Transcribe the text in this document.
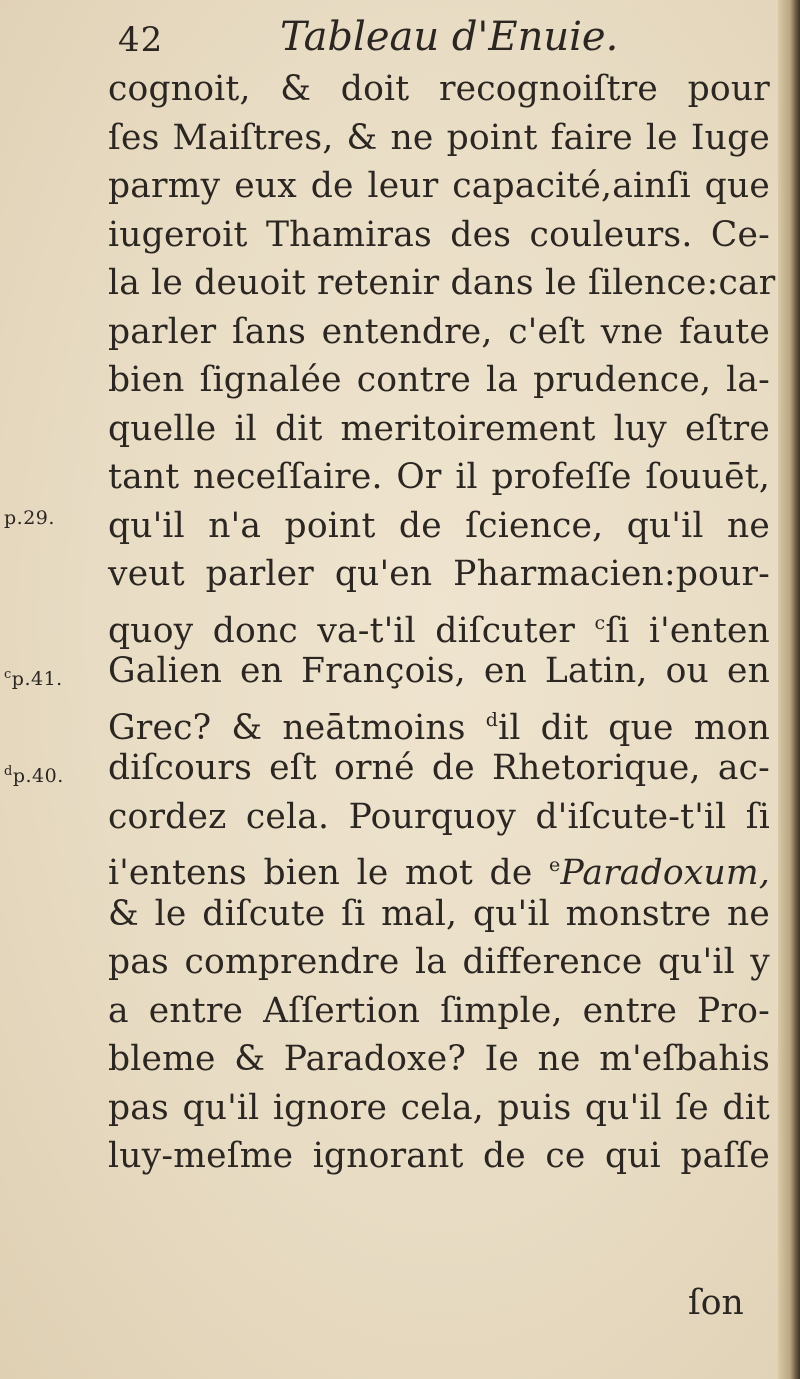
42	Tableau d'Enuie.
cognoit, & doit recognoiſtre pour
ſes Maiſtres, & ne point faire le Iuge
parmy eux de leur capacité,ainſi que
iugeroit Thamiras des couleurs. Ce-
la le deuoit retenir dans le ſilence:car
parler ſans entendre, c'eſt vne faute
bien ſignalée contre la prudence, la-
quelle il dit meritoirement luy eſtre
tant neceſſaire. Or il profeſſe ſouuēt,
qu'il n'a point de ſcience, qu'il ne
veut parler qu'en Pharmacien:pour-
quoy donc va-t'il diſcuter $^c$ſi i'enten
Galien en François, en Latin, ou en
Grec? & neātmoins $^d$il dit que mon
diſcours eſt orné de Rhetorique, ac-
cordez cela. Pourquoy d'iſcute-t'il ſi
i'entens bien le mot de $^e$Paradoxum,
& le diſcute ſi mal, qu'il monstre ne
pas comprendre la difference qu'il y
a entre Aſſertion ſimple, entre Pro-
bleme & Paradoxe? Ie ne m'eſbahis
pas qu'il ignore cela, puis qu'il ſe dit
luy-meſme ignorant de ce qui paſſe
ſon
p.29.
$^c$p.41.
$^d$p.40.
